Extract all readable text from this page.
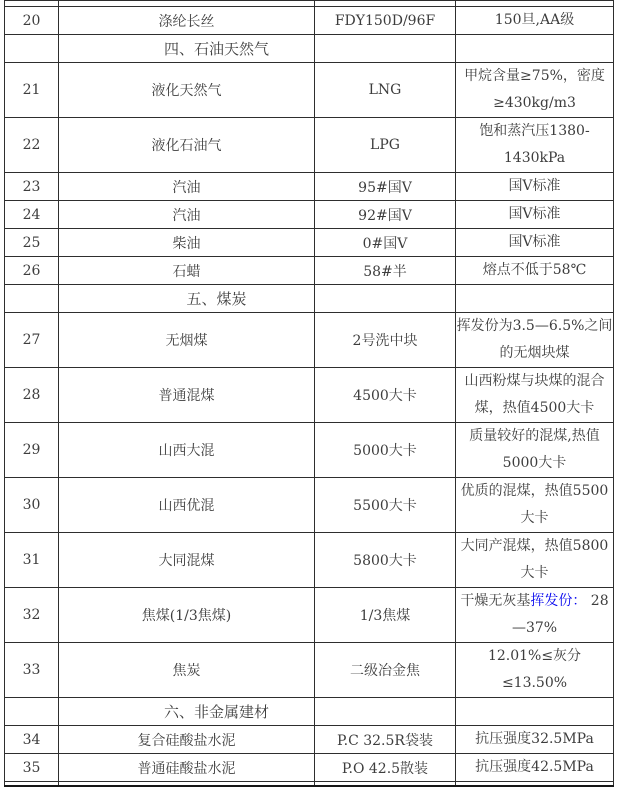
20	涤纶长丝	FDY150D/96F	150旦,AA级
	四、石油天然气		
21	液化天然气	LNG	甲烷含量≥75%，密度≥430kg/m3
22	液化石油气	LPG	饱和蒸汽压1380-1430kPa
23	汽油	95#国V	国V标准
24	汽油	92#国V	国V标准
25	柴油	0#国V	国V标准
26	石蜡	58#半	熔点不低于58℃
	五、煤炭		
27	无烟煤	2号洗中块	挥发份为3.5—6.5%之间的无烟块煤
28	普通混煤	4500大卡	山西粉煤与块煤的混合煤，热值4500大卡
29	山西大混	5000大卡	质量较好的混煤,热值5000大卡
30	山西优混	5500大卡	优质的混煤，热值5500大卡
31	大同混煤	5800大卡	大同产混煤，热值5800大卡
32	焦煤(1/3焦煤)	1/3焦煤	干燥无灰基挥发份： 28 —37%
33	焦炭	二级冶金焦	12.01%≤灰分≤13.50%
	六、非金属建材		
34	复合硅酸盐水泥	P.C 32.5R袋装	抗压强度32.5MPa
35	普通硅酸盐水泥	P.O 42.5散装	抗压强度42.5MPa
